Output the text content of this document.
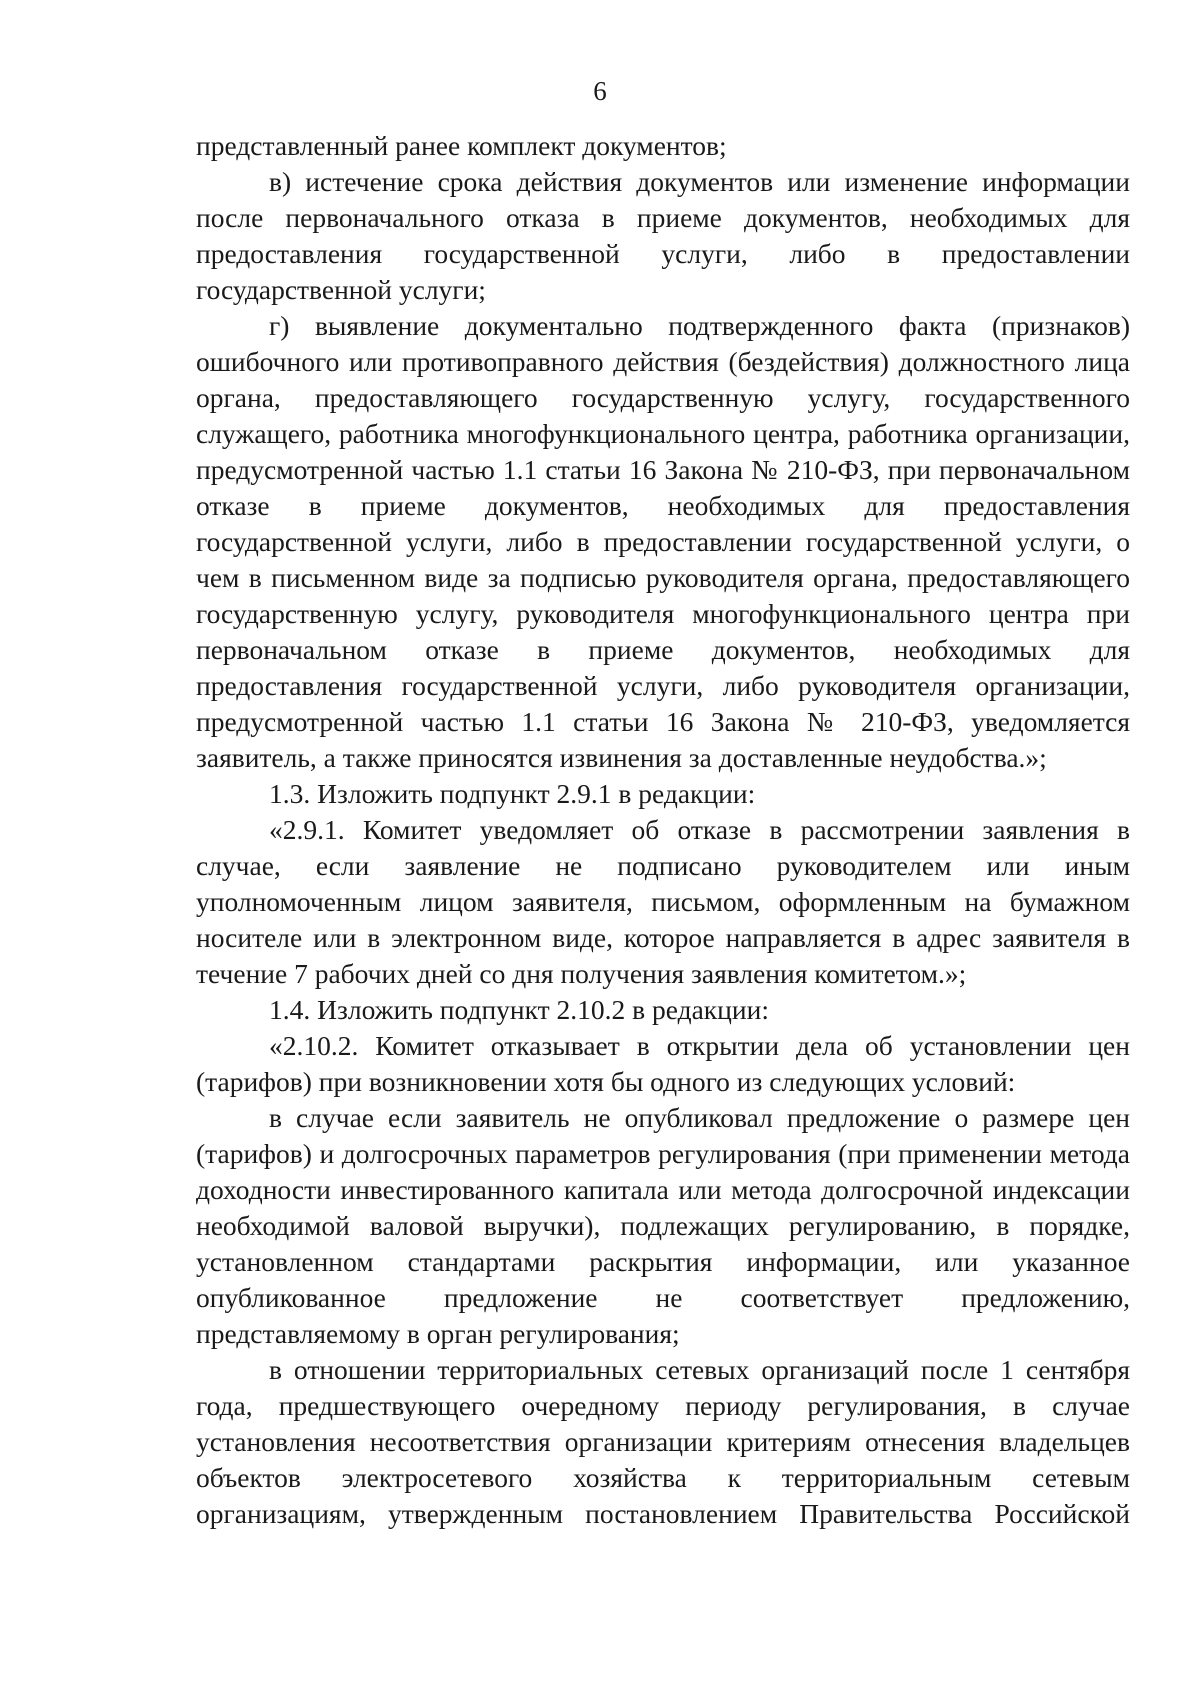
6

представленный ранее комплект документов;

в) истечение срока действия документов или изменение информации после первоначального отказа в приеме документов, необходимых для предоставления государственной услуги, либо в предоставлении государственной услуги;

г) выявление документально подтвержденного факта (признаков) ошибочного или противоправного действия (бездействия) должностного лица органа, предоставляющего государственную услугу, государственного служащего, работника многофункционального центра, работника организации, предусмотренной частью 1.1 статьи 16 Закона № 210-ФЗ, при первоначальном отказе в приеме документов, необходимых для предоставления государственной услуги, либо в предоставлении государственной услуги, о чем в письменном виде за подписью руководителя органа, предоставляющего государственную услугу, руководителя многофункционального центра при первоначальном отказе в приеме документов, необходимых для предоставления государственной услуги, либо руководителя организации, предусмотренной частью 1.1 статьи 16 Закона № 210-ФЗ, уведомляется заявитель, а также приносятся извинения за доставленные неудобства.»;

1.3. Изложить подпункт 2.9.1 в редакции:

«2.9.1. Комитет уведомляет об отказе в рассмотрении заявления в случае, если заявление не подписано руководителем или иным уполномоченным лицом заявителя, письмом, оформленным на бумажном носителе или в электронном виде, которое направляется в адрес заявителя в течение 7 рабочих дней со дня получения заявления комитетом.»;

1.4. Изложить подпункт 2.10.2 в редакции:

«2.10.2. Комитет отказывает в открытии дела об установлении цен (тарифов) при возникновении хотя бы одного из следующих условий:

в случае если заявитель не опубликовал предложение о размере цен (тарифов) и долгосрочных параметров регулирования (при применении метода доходности инвестированного капитала или метода долгосрочной индексации необходимой валовой выручки), подлежащих регулированию, в порядке, установленном стандартами раскрытия информации, или указанное опубликованное предложение не соответствует предложению, представляемому в орган регулирования;

в отношении территориальных сетевых организаций после 1 сентября года, предшествующего очередному периоду регулирования, в случае установления несоответствия организации критериям отнесения владельцев объектов электросетевого хозяйства к территориальным сетевым организациям, утвержденным постановлением Правительства Российской
